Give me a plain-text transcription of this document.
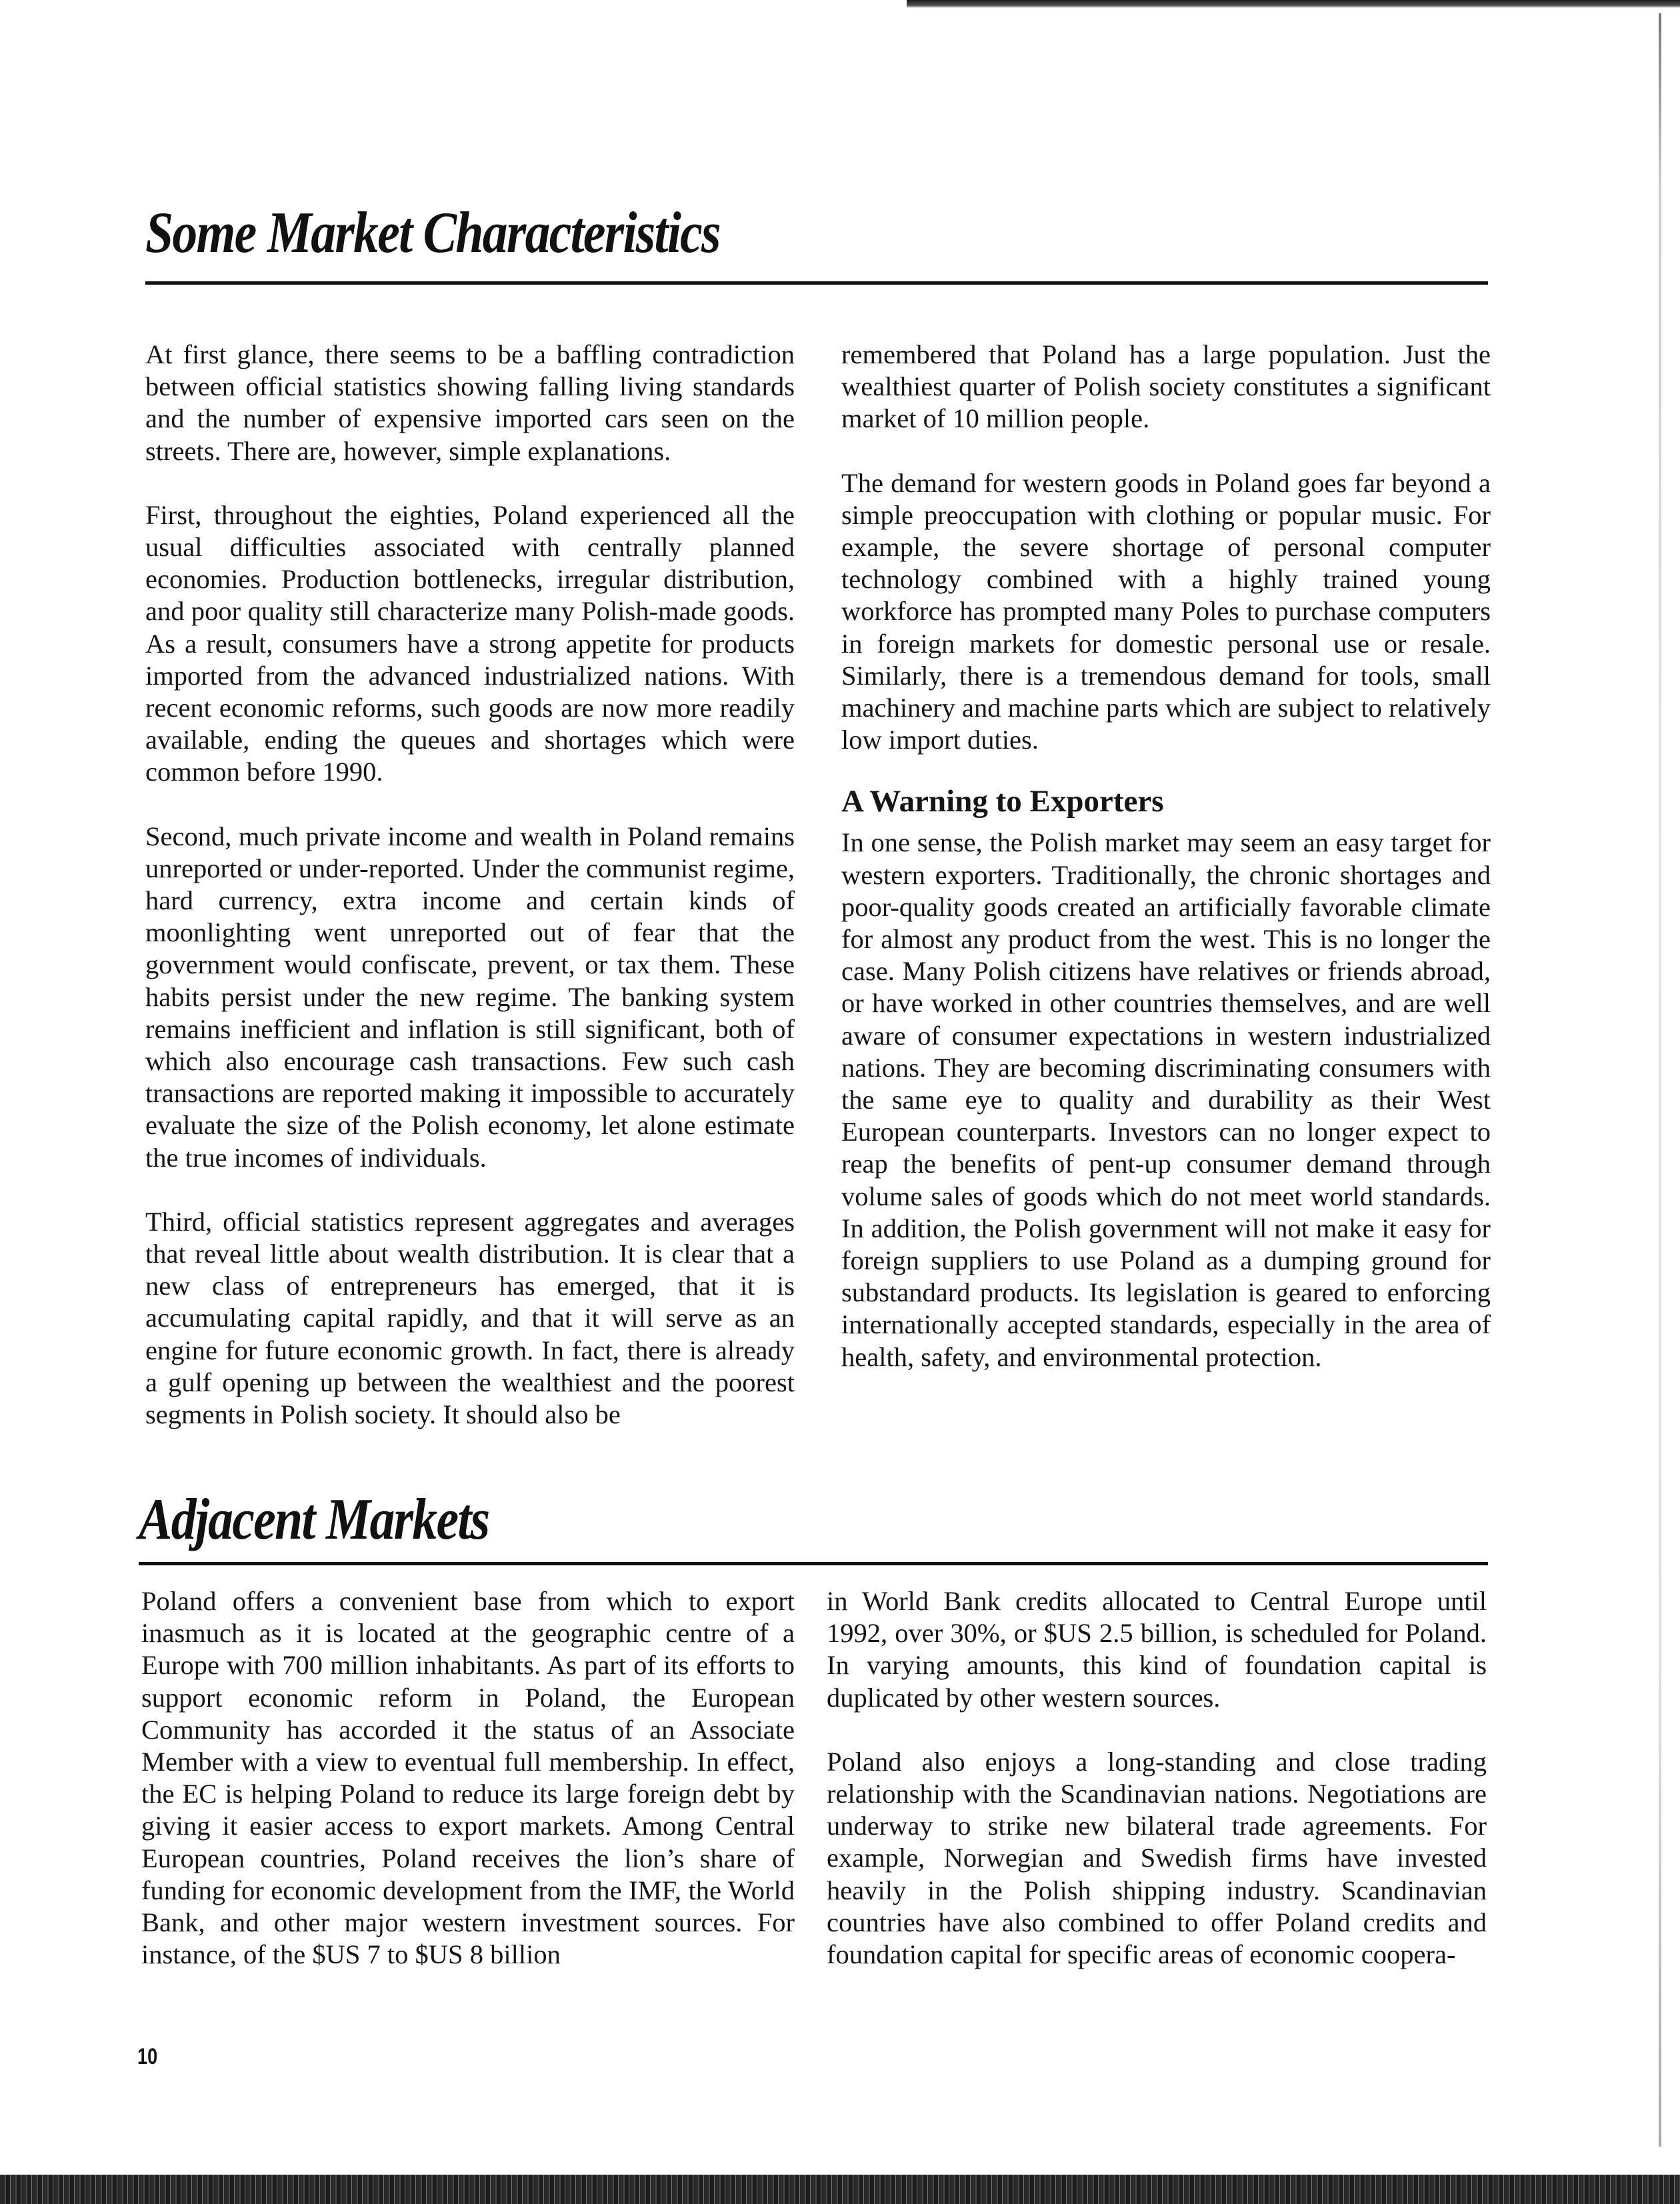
Some Market Characteristics

At first glance, there seems to be a baffling contradiction between official statistics showing falling living standards and the number of expensive imported cars seen on the streets. There are, however, simple explanations.

First, throughout the eighties, Poland experienced all the usual difficulties associated with centrally planned economies. Production bottlenecks, irregular distribution, and poor quality still characterize many Polish-made goods. As a result, consumers have a strong appetite for products imported from the advanced industrialized nations. With recent economic reforms, such goods are now more readily available, ending the queues and shortages which were common before 1990.

Second, much private income and wealth in Poland remains unreported or under-reported. Under the communist regime, hard currency, extra income and certain kinds of moonlighting went unreported out of fear that the government would confiscate, prevent, or tax them. These habits persist under the new regime. The banking system remains inefficient and inflation is still significant, both of which also encourage cash transactions. Few such cash transactions are reported making it impossible to accurately evaluate the size of the Polish economy, let alone estimate the true incomes of individuals.

Third, official statistics represent aggregates and averages that reveal little about wealth distribution. It is clear that a new class of entrepreneurs has emerged, that it is accumulating capital rapidly, and that it will serve as an engine for future economic growth. In fact, there is already a gulf opening up between the wealthiest and the poorest segments in Polish society. It should also be

remembered that Poland has a large population. Just the wealthiest quarter of Polish society constitutes a significant market of 10 million people.

The demand for western goods in Poland goes far beyond a simple preoccupation with clothing or popular music. For example, the severe shortage of personal computer technology combined with a highly trained young workforce has prompted many Poles to purchase computers in foreign markets for domestic personal use or resale. Similarly, there is a tremendous demand for tools, small machinery and machine parts which are subject to relatively low import duties.

A Warning to Exporters

In one sense, the Polish market may seem an easy target for western exporters. Traditionally, the chronic shortages and poor-quality goods created an artificially favorable climate for almost any product from the west. This is no longer the case. Many Polish citizens have relatives or friends abroad, or have worked in other countries themselves, and are well aware of consumer expectations in western industrialized nations. They are becoming discriminating consumers with the same eye to quality and durability as their West European counterparts. Investors can no longer expect to reap the benefits of pent-up consumer demand through volume sales of goods which do not meet world standards. In addition, the Polish government will not make it easy for foreign suppliers to use Poland as a dumping ground for substandard products. Its legislation is geared to enforcing internationally accepted standards, especially in the area of health, safety, and environmental protection.

Adjacent Markets

Poland offers a convenient base from which to export inasmuch as it is located at the geographic centre of a Europe with 700 million inhabitants. As part of its efforts to support economic reform in Poland, the European Community has accorded it the status of an Associate Member with a view to eventual full membership. In effect, the EC is helping Poland to reduce its large foreign debt by giving it easier access to export markets. Among Central European countries, Poland receives the lion’s share of funding for economic development from the IMF, the World Bank, and other major western investment sources. For instance, of the $US 7 to $US 8 billion

in World Bank credits allocated to Central Europe until 1992, over 30%, or $US 2.5 billion, is scheduled for Poland. In varying amounts, this kind of foundation capital is duplicated by other western sources.

Poland also enjoys a long-standing and close trading relationship with the Scandinavian nations. Negotiations are underway to strike new bilateral trade agreements. For example, Norwegian and Swedish firms have invested heavily in the Polish shipping industry. Scandinavian countries have also combined to offer Poland credits and foundation capital for specific areas of economic coopera-

10
